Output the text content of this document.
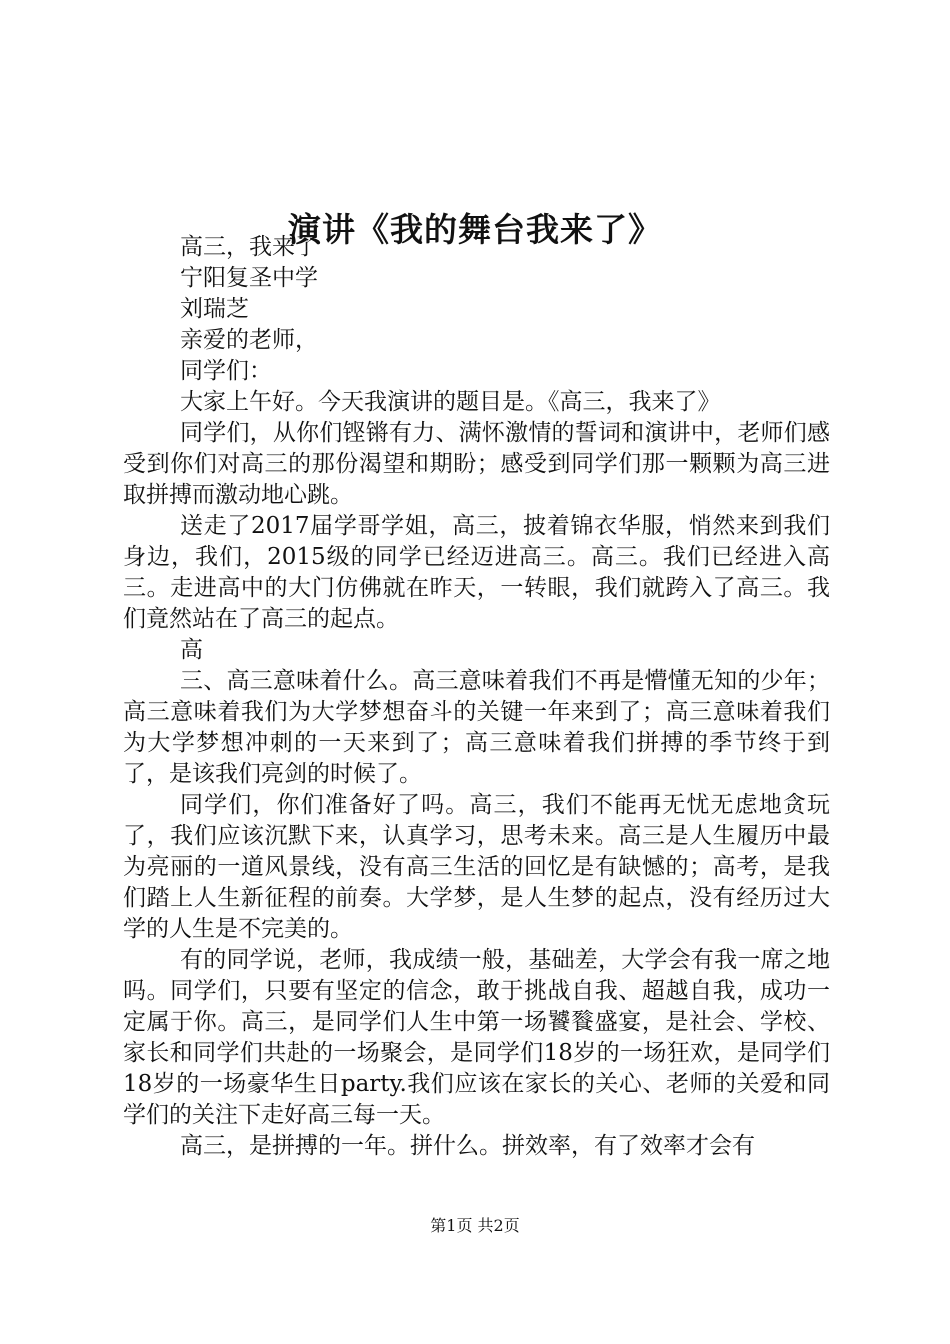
演讲《我的舞台我来了》

高三，我来了

宁阳复圣中学

刘瑞芝

亲爱的老师，

同学们：

大家上午好。今天我演讲的题目是。《高三，我来了》

同学们，从你们铿锵有力、满怀激情的誓词和演讲中，老师们感受到你们对高三的那份渴望和期盼；感受到同学们那一颗颗为高三进取拼搏而激动地心跳。

送走了2017届学哥学姐，高三，披着锦衣华服，悄然来到我们身边，我们，2015级的同学已经迈进高三。高三。我们已经进入高三。走进高中的大门仿佛就在昨天，一转眼，我们就跨入了高三。我们竟然站在了高三的起点。

高

三、高三意味着什么。高三意味着我们不再是懵懂无知的少年；高三意味着我们为大学梦想奋斗的关键一年来到了；高三意味着我们为大学梦想冲刺的一天来到了；高三意味着我们拼搏的季节终于到了，是该我们亮剑的时候了。

同学们，你们准备好了吗。高三，我们不能再无忧无虑地贪玩了，我们应该沉默下来，认真学习，思考未来。高三是人生履历中最为亮丽的一道风景线，没有高三生活的回忆是有缺憾的；高考，是我们踏上人生新征程的前奏。大学梦，是人生梦的起点，没有经历过大学的人生是不完美的。

有的同学说，老师，我成绩一般，基础差，大学会有我一席之地吗。同学们，只要有坚定的信念，敢于挑战自我、超越自我，成功一定属于你。高三，是同学们人生中第一场饕餮盛宴，是社会、学校、家长和同学们共赴的一场聚会，是同学们18岁的一场狂欢，是同学们18岁的一场豪华生日party.我们应该在家长的关心、老师的关爱和同学们的关注下走好高三每一天。

高三，是拼搏的一年。拼什么。拼效率，有了效率才会有

第1页 共2页
